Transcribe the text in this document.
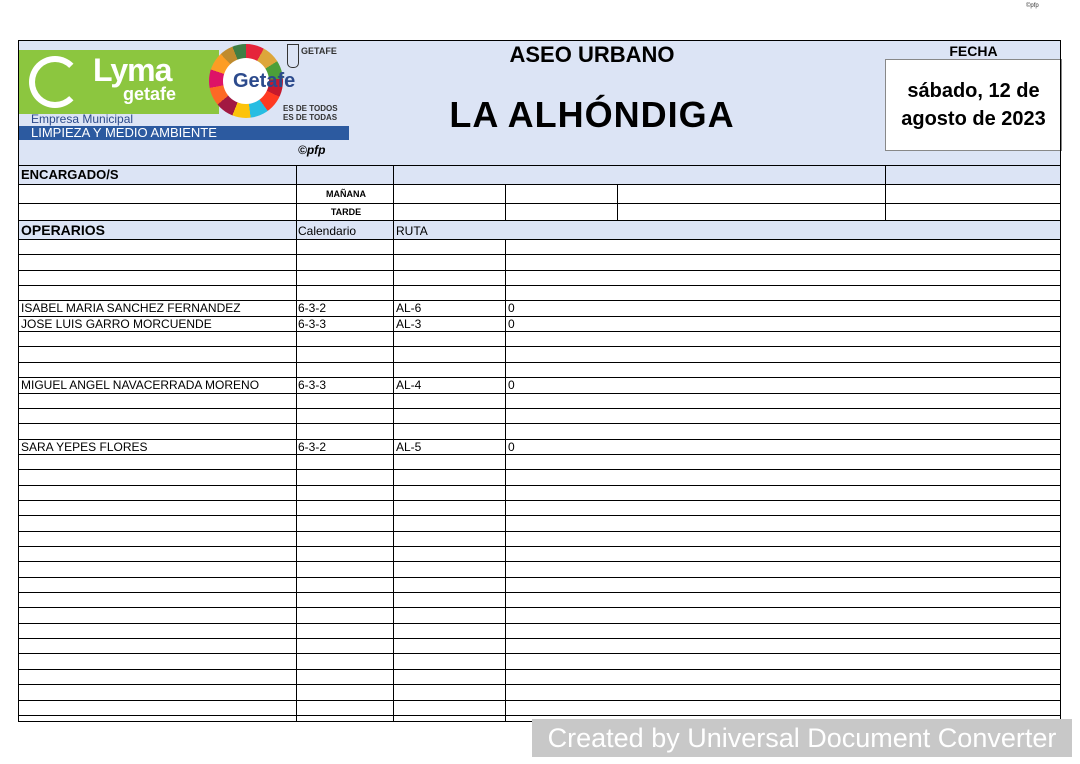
©pfp
Lyma
getafe
Empresa Municipal
LIMPIEZA Y MEDIO AMBIENTE
Getafe
GETAFE
ES DE TODOS
ES DE TODAS
©pfp
ASEO URBANO
LA ALHÓNDIGA
FECHA
sábado, 12 de agosto de 2023
ENCARGADO/S
MAÑANA
TARDE
OPERARIOS	Calendario	RUTA
ISABEL MARIA SANCHEZ FERNANDEZ	6-3-2	AL-6	0
JOSE LUIS GARRO MORCUENDE	6-3-3	AL-3	0
MIGUEL ANGEL NAVACERRADA MORENO	6-3-3	AL-4	0
SARA YEPES FLORES	6-3-2	AL-5	0
Created by Universal Document Converter
